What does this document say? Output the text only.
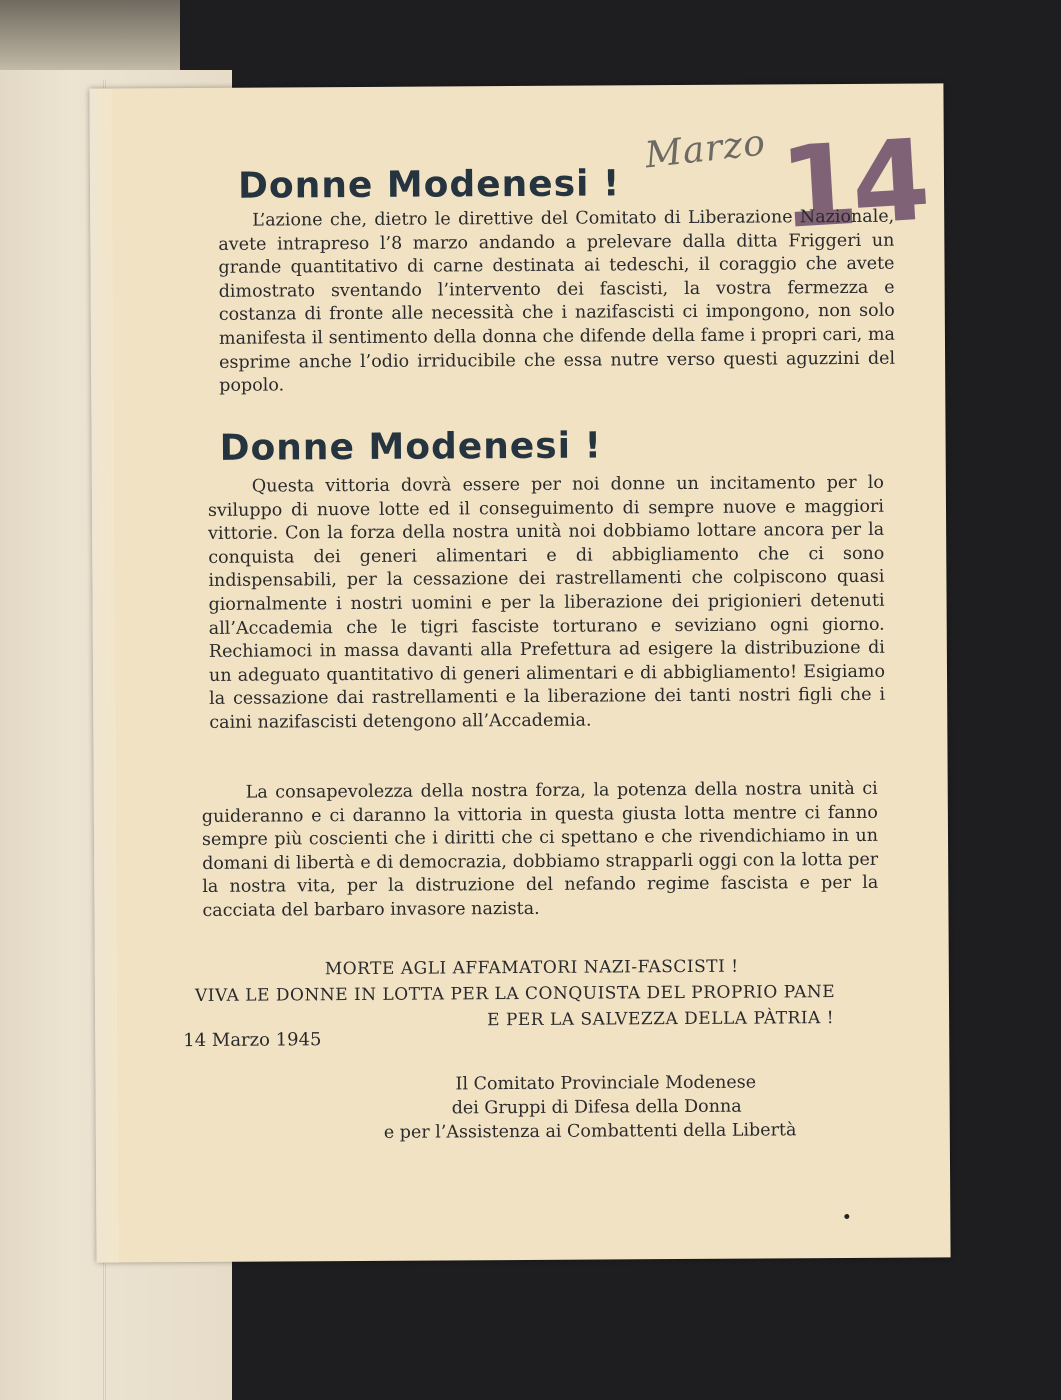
Marzo 14
Donne Modenesi !

L’azione che, dietro le direttive del Comitato di Liberazione Nazionale, avete intrapreso l’8 marzo andando a prelevare dalla ditta Friggeri un grande quantitativo di carne destinata ai tedeschi, il coraggio che avete dimostrato sventando l’intervento dei fascisti, la vostra fermezza e costanza di fronte alle necessità che i nazifascisti ci impongono, non solo manifesta il sentimento della donna che difende della fame i propri cari, ma esprime anche l’odio irriducibile che essa nutre verso questi aguzzini del popolo.

Donne Modenesi !

Questa vittoria dovrà essere per noi donne un incitamento per lo sviluppo di nuove lotte ed il conseguimento di sempre nuove e maggiori vittorie. Con la forza della nostra unità noi dobbiamo lottare ancora per la conquista dei generi alimentari e di abbigliamento che ci sono indispensabili, per la cessazione dei rastrellamenti che colpiscono quasi giornalmente i nostri uomini e per la liberazione dei prigionieri detenuti all’Accademia che le tigri fasciste torturano e seviziano ogni giorno. Rechiamoci in massa davanti alla Prefettura ad esigere la distribuzione di un adeguato quantitativo di generi alimentari e di abbigliamento! Esigiamo la cessazione dai rastrellamenti e la liberazione dei tanti nostri figli che i caini nazifascisti detengono all’Accademia.

La consapevolezza della nostra forza, la potenza della nostra unità ci guideranno e ci daranno la vittoria in questa giusta lotta mentre ci fanno sempre più coscienti che i diritti che ci spettano e che rivendichiamo in un domani di libertà e di democrazia, dobbiamo strapparli oggi con la lotta per la nostra vita, per la distruzione del nefando regime fascista e per la cacciata del barbaro invasore nazista.

MORTE AGLI AFFAMATORI NAZI-FASCISTI !

VIVA LE DONNE IN LOTTA PER LA CONQUISTA DEL PROPRIO PANE

E PER LA SALVEZZA DELLA PÀTRIA !

14 Marzo 1945

Il Comitato Provinciale Modenese
dei Gruppi di Difesa della Donna
e per l’Assistenza ai Combattenti della Libertà
